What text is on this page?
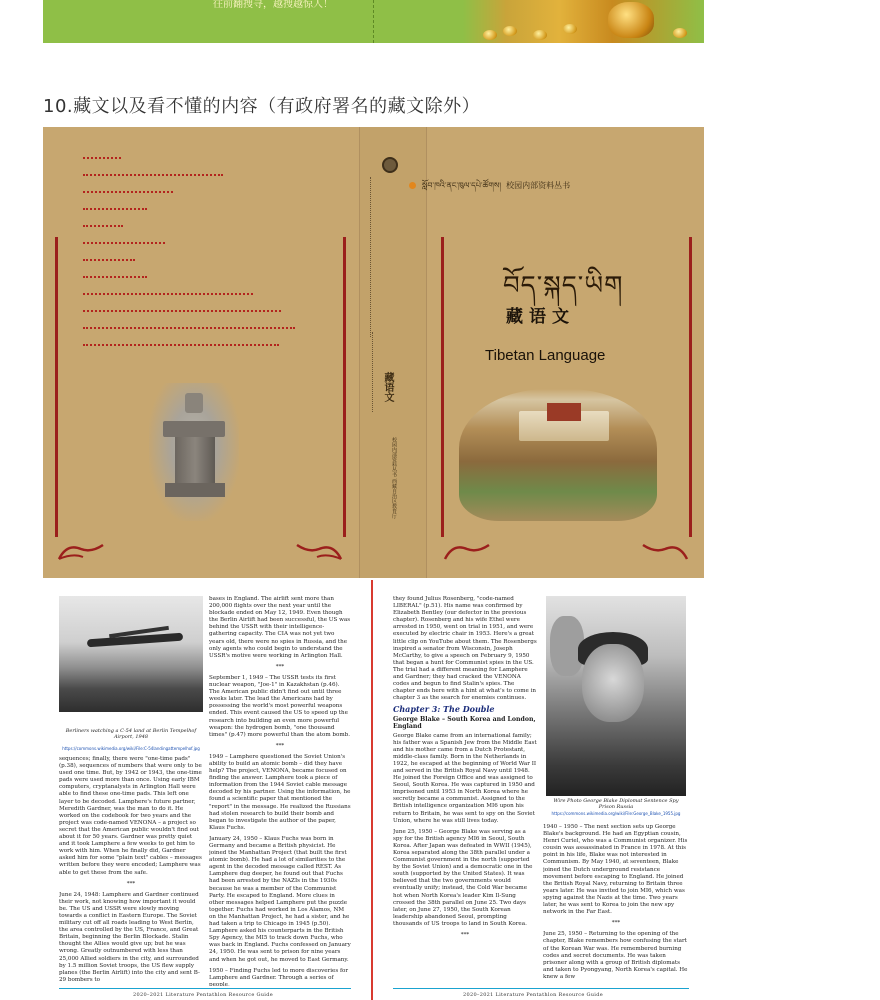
往前翻搜寻，越搜越惊人！
10.藏文以及看不懂的内容（有政府署名的藏文除外）
藏语文
校园内部资料丛书 西藏自治区教育厅
སློབ་ཁའི་ནང་ཁུལ་དཔེ་ཚོགས། 校园内部资料丛书
བོད་སྐད་ཡིག
藏语文
Tibetan Language
Berliners watching a C-54 land at Berlin Tempelhof Airport, 1948
https://commons.wikimedia.org/wiki/File:C-54landingattempelhof.jpg

sequences; finally, there were "one-time pads" (p.38), sequences of numbers that were only to be used one time. But, by 1942 or 1943, the one-time pads were used more than once. Using early IBM computers, cryptanalysts in Arlington Hall were able to find these one-time pads. This left one layer to be decoded. Lamphere's future partner, Meredith Gardner, was the man to do it. He worked on the codebook for two years and the project was code-named VENONA – a project so secret that the American public wouldn't find out about it for 50 years. Gardner was pretty quiet and it took Lamphere a few weeks to get him to work with him. When he finally did, Gardner asked him for some "plain text" cables – messages written before they were encoded; Lamphere was able to get these from the safe.

***

June 24, 1948: Lamphere and Gardner continued their work, not knowing how important it would be. The US and USSR were slowly moving towards a conflict in Eastern Europe. The Soviet military cut off all roads leading to West Berlin, the area controlled by the US, France, and Great Britain, beginning the Berlin Blockade. Stalin thought the Allies would give up; but he was wrong. Greatly outnumbered with less than 25,000 Allied soldiers in the city, and surrounded by 1.5 million Soviet troops, the US flew supply planes (the Berlin Airlift) into the city and sent B-29 bombers to

bases in England. The airlift sent more than 200,000 flights over the next year until the blockade ended on May 12, 1949. Even though the Berlin Airlift had been successful, the US was behind the USSR with their intelligence-gathering capacity. The CIA was not yet two years old, there were no spies in Russia, and the only agents who could begin to understand the USSR's motive were working in Arlington Hall.

***

September 1, 1949 – The USSR tests its first nuclear weapon, "Joe-1" in Kazakhstan (p.46). The American public didn't find out until three weeks later. The lead the Americans had by possessing the world's most powerful weapons ended. This event caused the US to speed up the research into building an even more powerful weapon: the hydrogen bomb, "one thousand times" (p.47) more powerful than the atom bomb.

***

1949 – Lamphere questioned the Soviet Union's ability to build an atomic bomb – did they have help? The project, VENONA, became focused on finding the answer. Lamphere took a piece of information from the 1944 Soviet cable message decoded by his partner. Using the information, he found a scientific paper that mentioned the "report" in the message. He realized the Russians had stolen research to build their bomb and began to investigate the author of the paper, Klaus Fuchs.

January 24, 1950 – Klaus Fuchs was born in Germany and became a British physicist. He joined the Manhattan Project (that built the first atomic bomb). He had a lot of similarities to the agent in the decoded message called REST. As Lamphere dug deeper, he found out that Fuchs had been arrested by the NAZIs in the 1930s because he was a member of the Communist Party. He escaped to England. More clues in other messages helped Lamphere put the puzzle together. Fuchs had worked in Los Alamos, NM on the Manhattan Project, he had a sister, and he had taken a trip to Chicago in 1945 (p.50). Lamphere asked his counterparts in the British Spy Agency, the MI5 to track down Fuchs, who was back in England. Fuchs confessed on January 24, 1950. He was sent to prison for nine years and when he got out, he moved to East Germany.

1950 – Finding Fuchs led to more discoveries for Lamphere and Gardner. Through a series of people,

they found Julius Rosenberg, "code-named LIBERAL" (p.51). His name was confirmed by Elizabeth Bentley (our defector in the previous chapter). Rosenberg and his wife Ethel were arrested in 1950, went on trial in 1951, and were executed by electric chair in 1953. Here's a great little clip on YouTube about them. The Rosenbergs inspired a senator from Wisconsin, Joseph McCarthy, to give a speech on February 9, 1950 that began a hunt for Communist spies in the US. The trial had a different meaning for Lamphere and Gardner; they had cracked the VENONA codes and begun to find Stalin's spies. The chapter ends here with a hint at what's to come in chapter 3 as the search for enemies continues.

Chapter 3: The Double
George Blake – South Korea and London, England

George Blake came from an international family; his father was a Spanish Jew from the Middle East and his mother came from a Dutch Protestant, middle-class family. Born in the Netherlands in 1922, he escaped at the beginning of World War II and served in the British Royal Navy until 1948. He joined the Foreign Office and was assigned to Seoul, South Korea. He was captured in 1950 and imprisoned until 1953 in North Korea where he secretly became a communist. Assigned to the British intelligence organization MI6 upon his return to Britain, he was sent to spy on the Soviet Union, where he was still lives today.

June 25, 1950 – George Blake was serving as a spy for the British agency MI6 in Seoul, South Korea. After Japan was defeated in WWII (1945), Korea separated along the 38th parallel under a Communist government in the north (supported by the Soviet Union) and a democratic one in the south (supported by the United States). It was believed that the two governments would eventually unify; instead, the Cold War became hot when North Korea's leader Kim Il-Sung crossed the 38th parallel on June 25. Two days later, on June 27, 1950, the South Korean leadership abandoned Seoul, prompting thousands of US troops to land in South Korea.

***
Wire Photo George Blake Diplomat Sentence Spy Prison Russia
https://commons.wikimedia.org/wiki/File:George_Blake_1955.jpg

1940 – 1950 – The next section sets up George Blake's background. He had an Egyptian cousin, Henri Curiel, who was a Communist organizer. His cousin was assassinated in France in 1978. At this point in his life, Blake was not interested in Communism. By May 1940, at seventeen, Blake joined the Dutch underground resistance movement before escaping to England. He joined the British Royal Navy, returning to Britain three years later. He was invited to join MI6, which was spying against the Nazis at the time. Two years later, he was sent to Korea to join the new spy network in the Far East.

***

June 25, 1950 – Returning to the opening of the chapter, Blake remembers how confusing the start of the Korean War was. He remembered burning codes and secret documents. He was taken prisoner along with a group of British diplomats and taken to Pyongyang, North Korea's capital. He knew a few

2020–2021 Literature Pentathlon Resource Guide	2020–2021 Literature Pentathlon Resource Guide
